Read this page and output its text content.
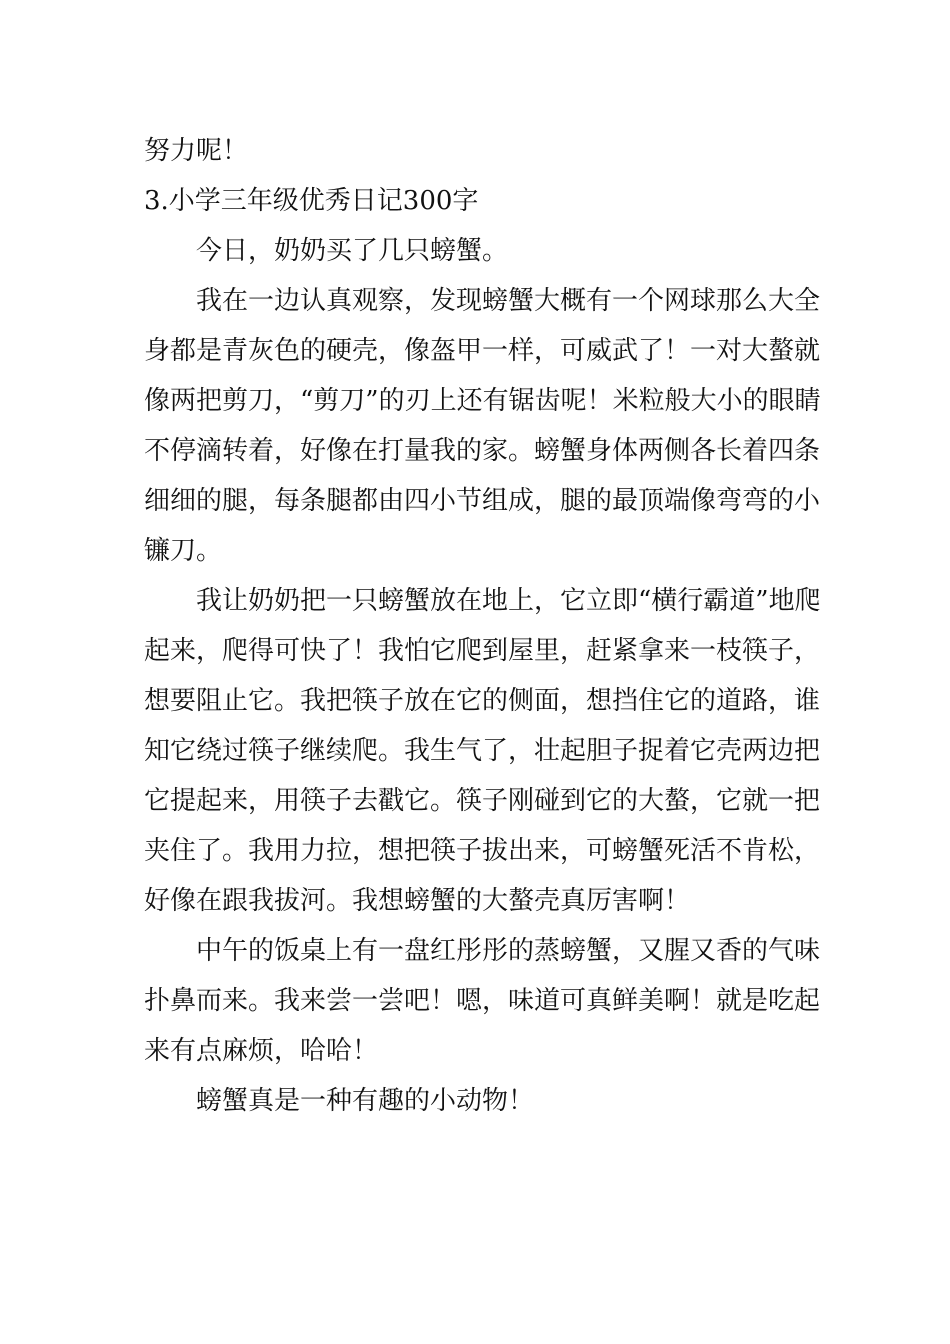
努力呢！

3.小学三年级优秀日记300字

今日，奶奶买了几只螃蟹。

我在一边认真观察，发现螃蟹大概有一个网球那么大全身都是青灰色的硬壳，像盔甲一样，可威武了！一对大螯就像两把剪刀，“剪刀”的刃上还有锯齿呢！米粒般大小的眼睛不停滴转着，好像在打量我的家。螃蟹身体两侧各长着四条细细的腿，每条腿都由四小节组成，腿的最顶端像弯弯的小镰刀。

我让奶奶把一只螃蟹放在地上，它立即“横行霸道”地爬起来，爬得可快了！我怕它爬到屋里，赶紧拿来一枝筷子，想要阻止它。我把筷子放在它的侧面，想挡住它的道路，谁知它绕过筷子继续爬。我生气了，壮起胆子捉着它壳两边把它提起来，用筷子去戳它。筷子刚碰到它的大螯，它就一把夹住了。我用力拉，想把筷子拔出来，可螃蟹死活不肯松，好像在跟我拔河。我想螃蟹的大螯壳真厉害啊！

中午的饭桌上有一盘红彤彤的蒸螃蟹，又腥又香的气味扑鼻而来。我来尝一尝吧！嗯，味道可真鲜美啊！就是吃起来有点麻烦，哈哈！

螃蟹真是一种有趣的小动物！
